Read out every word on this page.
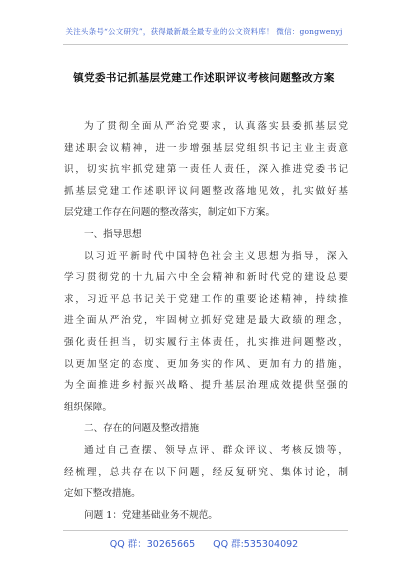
关注头条号“公文研究”，获得最新最全最专业的公文资料库！ 微信：gongwenyj
镇党委书记抓基层党建工作述职评议考核问题整改方案
为了贯彻全面从严治党要求，认真落实县委抓基层党
建述职会议精神，进一步增强基层党组织书记主业主责意
识，切实抗牢抓党建第一责任人责任，深入推进党委书记
抓基层党建工作述职评议问题整改落地见效，扎实做好基
层党建工作存在问题的整改落实，制定如下方案。
一、指导思想
以习近平新时代中国特色社会主义思想为指导，深入
学习贯彻党的十九届六中全会精神和新时代党的建设总要
求，习近平总书记关于党建工作的重要论述精神，持续推
进全面从严治党，牢固树立抓好党建是最大政绩的理念，
强化责任担当，切实履行主体责任，扎实推进问题整改，
以更加坚定的态度、更加务实的作风、更加有力的措施，
为全面推进乡村振兴战略、提升基层治理成效提供坚强的
组织保障。
二、存在的问题及整改措施
通过自己查摆、领导点评、群众评议、考核反馈等，
经梳理，总共存在以下问题，经反复研究、集体讨论，制
定如下整改措施。
问题 1：党建基础业务不规范。
QQ 群：30265665 QQ 群:535304092
